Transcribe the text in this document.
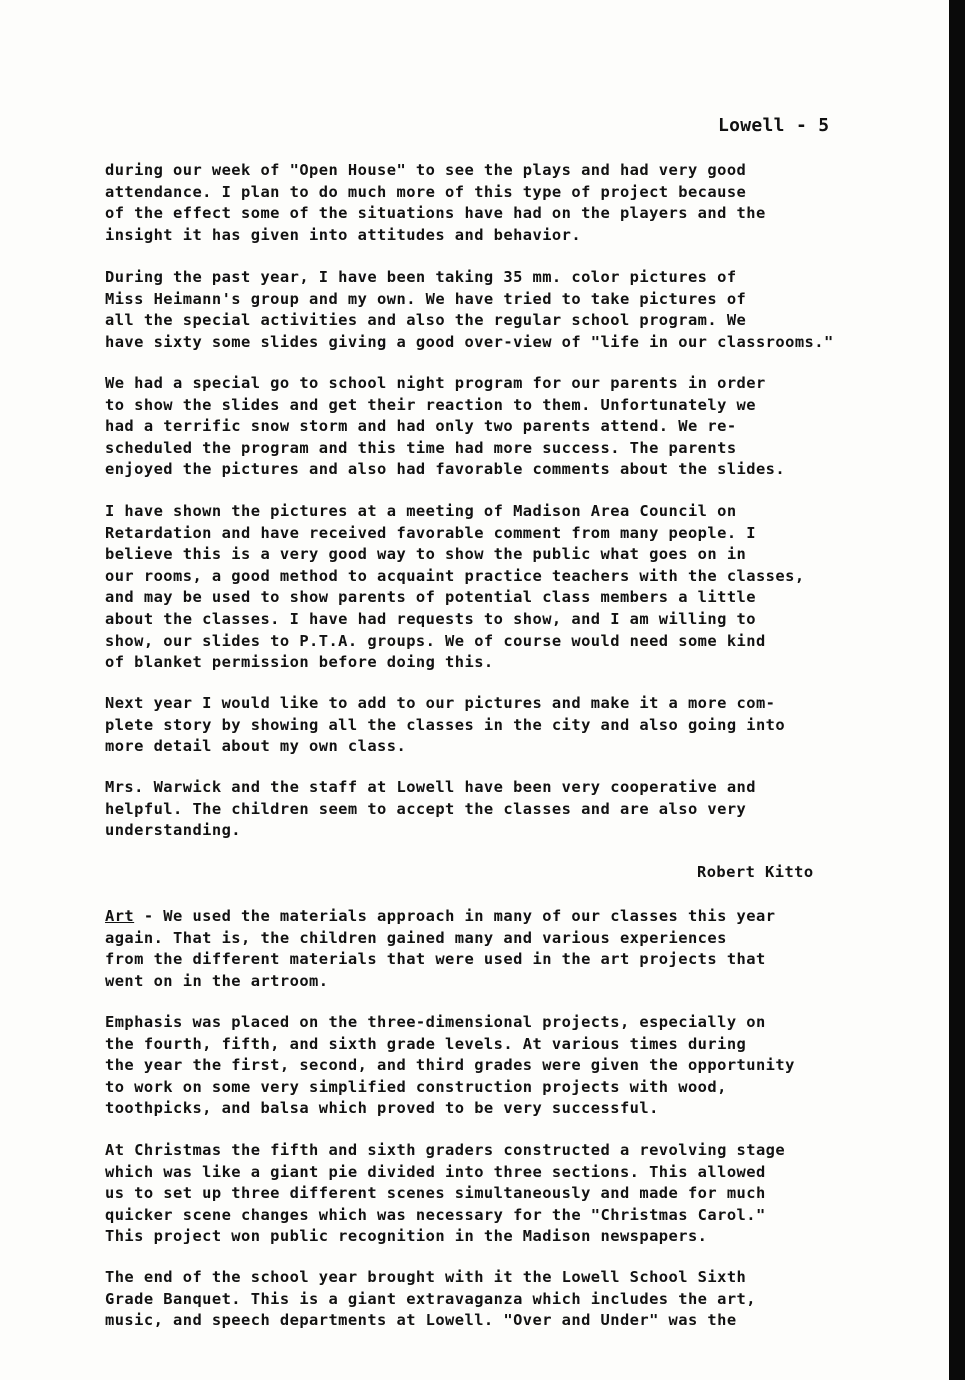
Lowell - 5
during our week of "Open House" to see the plays and had very good
attendance. I plan to do much more of this type of project because
of the effect some of the situations have had on the players and the
insight it has given into attitudes and behavior.
During the past year, I have been taking 35 mm. color pictures of
Miss Heimann's group and my own. We have tried to take pictures of
all the special activities and also the regular school program. We
have sixty some slides giving a good over-view of "life in our classrooms."
We had a special go to school night program for our parents in order
to show the slides and get their reaction to them. Unfortunately we
had a terrific snow storm and had only two parents attend. We re-
scheduled the program and this time had more success. The parents
enjoyed the pictures and also had favorable comments about the slides.
I have shown the pictures at a meeting of Madison Area Council on
Retardation and have received favorable comment from many people. I
believe this is a very good way to show the public what goes on in
our rooms, a good method to acquaint practice teachers with the classes,
and may be used to show parents of potential class members a little
about the classes. I have had requests to show, and I am willing to
show, our slides to P.T.A. groups. We of course would need some kind
of blanket permission before doing this.
Next year I would like to add to our pictures and make it a more com-
plete story by showing all the classes in the city and also going into
more detail about my own class.
Mrs. Warwick and the staff at Lowell have been very cooperative and
helpful. The children seem to accept the classes and are also very
understanding.
Robert Kitto
Art - We used the materials approach in many of our classes this year
again. That is, the children gained many and various experiences
from the different materials that were used in the art projects that
went on in the artroom.
Emphasis was placed on the three-dimensional projects, especially on
the fourth, fifth, and sixth grade levels. At various times during
the year the first, second, and third grades were given the opportunity
to work on some very simplified construction projects with wood,
toothpicks, and balsa which proved to be very successful.
At Christmas the fifth and sixth graders constructed a revolving stage
which was like a giant pie divided into three sections. This allowed
us to set up three different scenes simultaneously and made for much
quicker scene changes which was necessary for the "Christmas Carol."
This project won public recognition in the Madison newspapers.
The end of the school year brought with it the Lowell School Sixth
Grade Banquet. This is a giant extravaganza which includes the art,
music, and speech departments at Lowell. "Over and Under" was the
